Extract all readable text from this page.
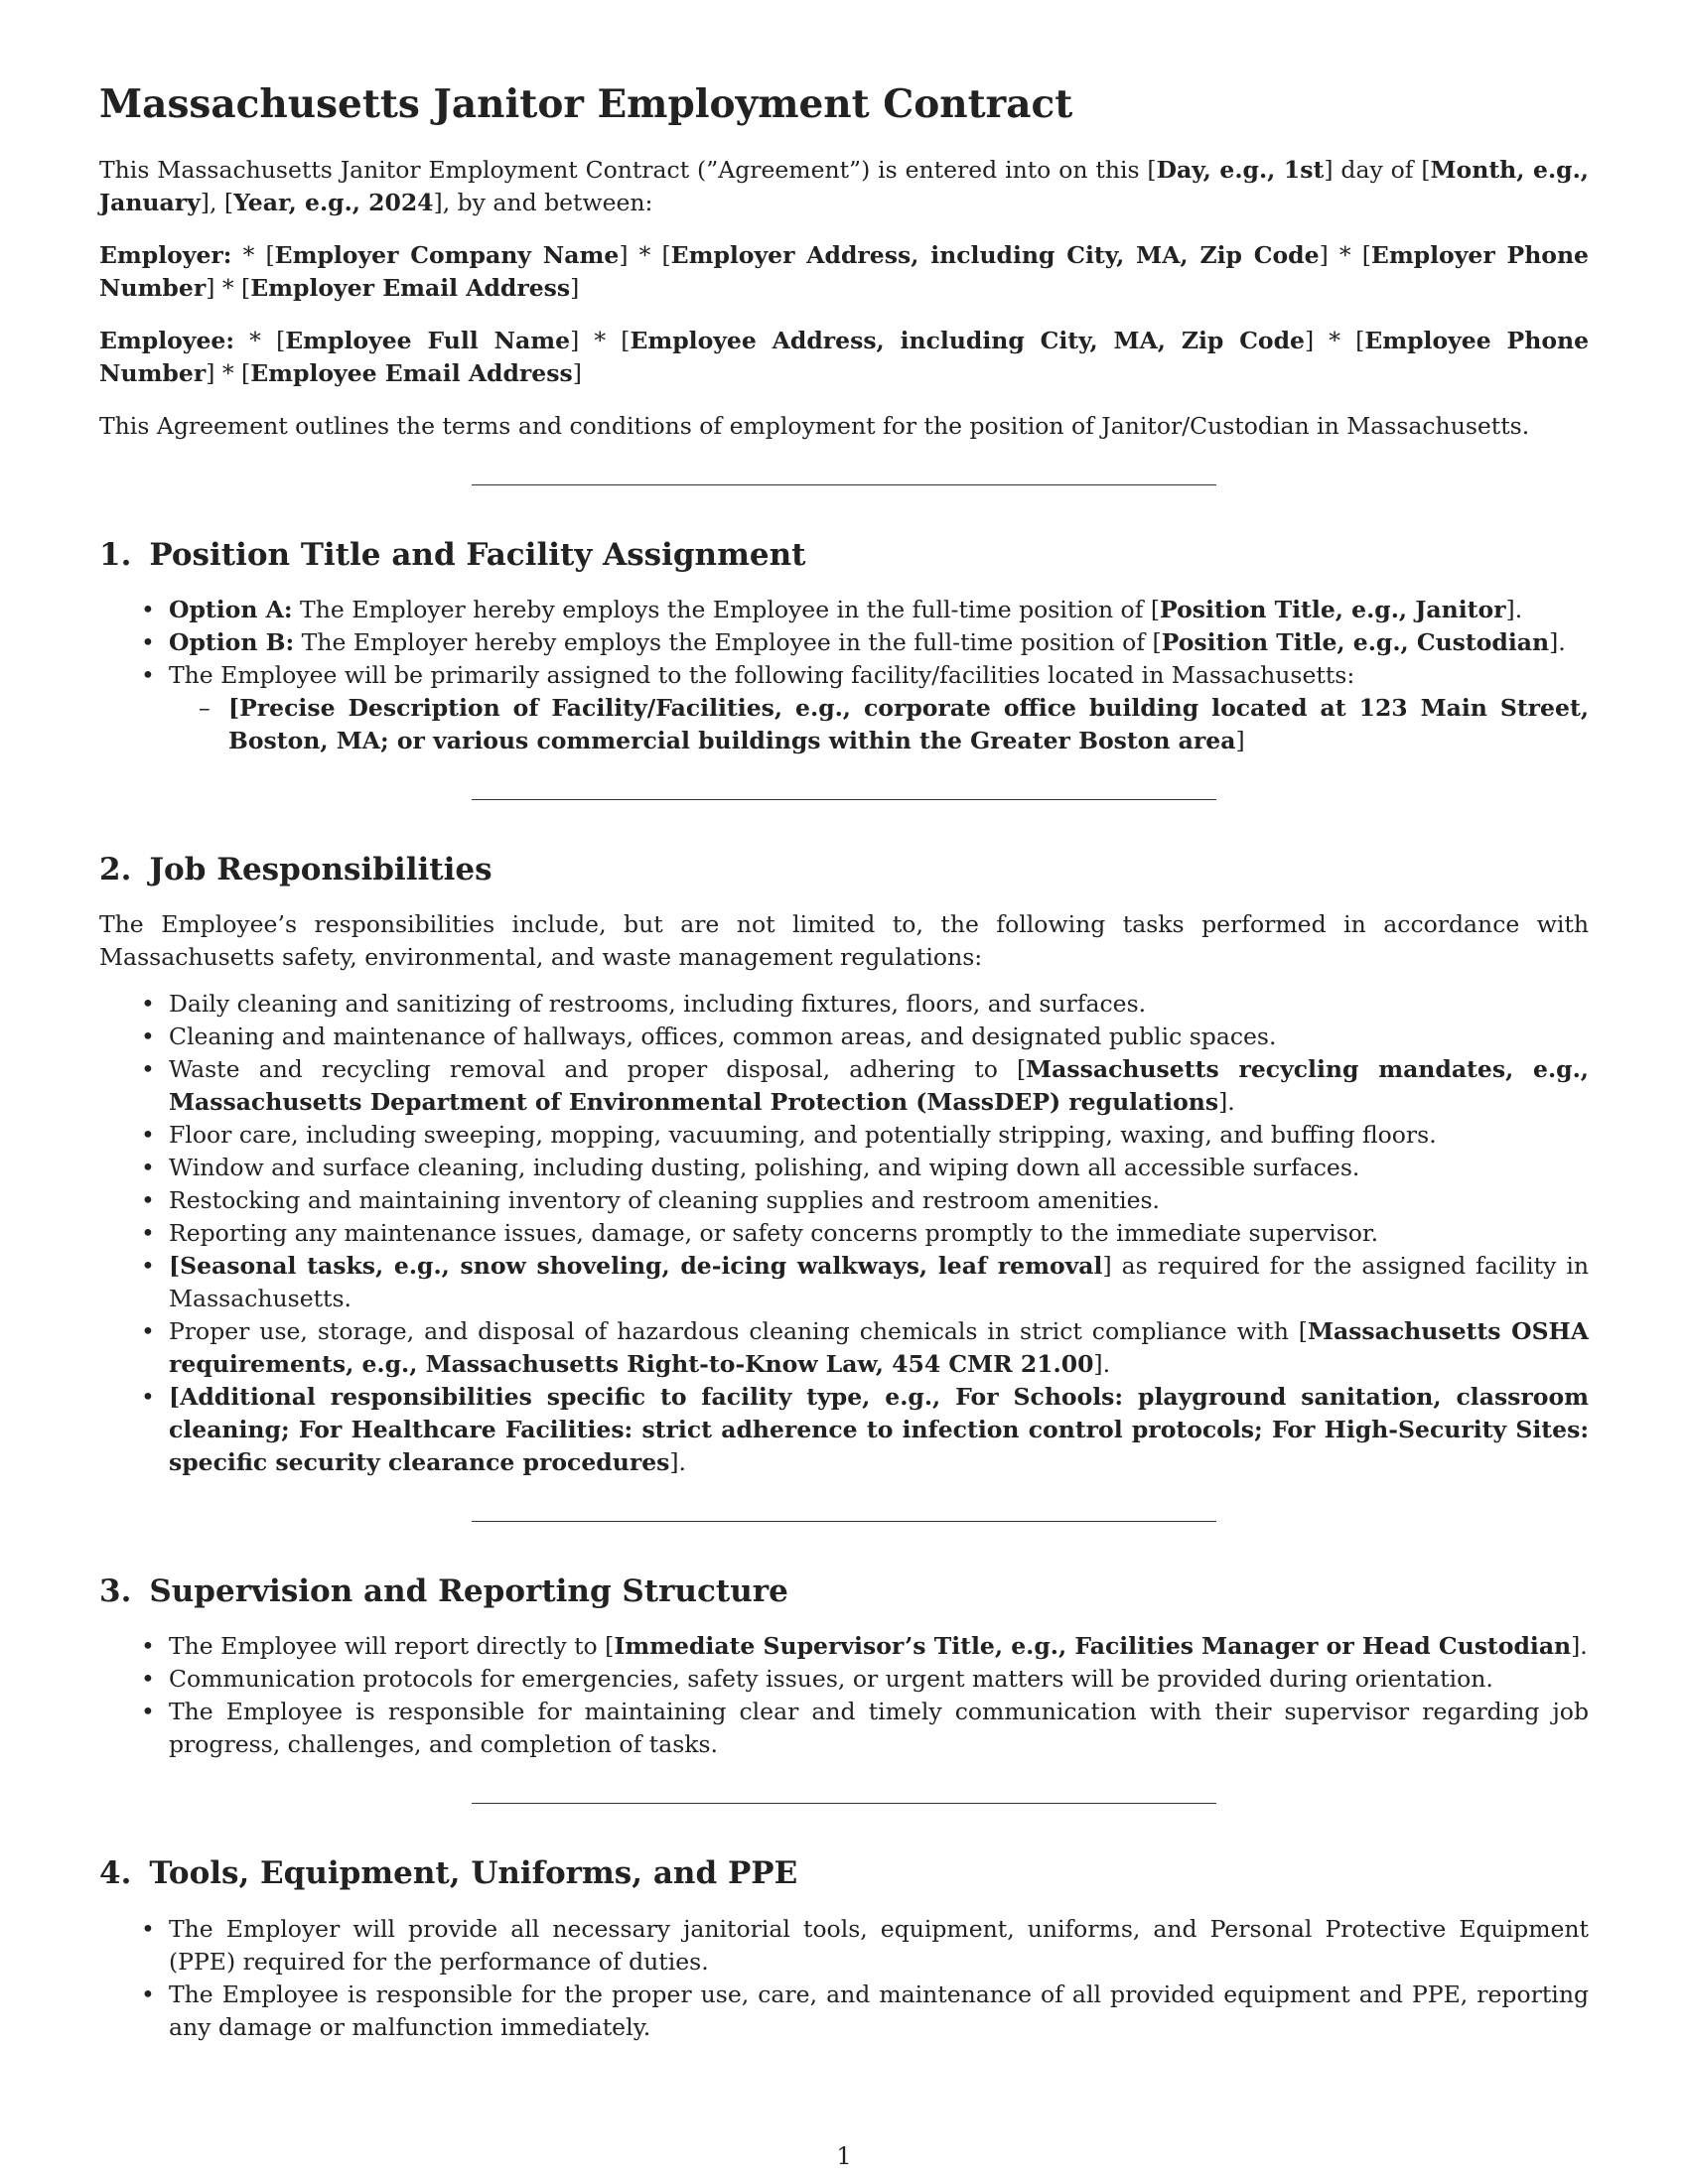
Massachusetts Janitor Employment Contract

This Massachusetts Janitor Employment Contract (”Agreement”) is entered into on this [Day, e.g., 1st] day of [Month, e.g., January], [Year, e.g., 2024], by and between:

Employer: * [Employer Company Name] * [Employer Address, including City, MA, Zip Code] * [Employer Phone Number] * [Employer Email Address]

Employee: * [Employee Full Name] * [Employee Address, including City, MA, Zip Code] * [Employee Phone Number] * [Employee Email Address]

This Agreement outlines the terms and conditions of employment for the position of Janitor/Custodian in Massachusetts.

1. Position Title and Facility Assignment
• Option A: The Employer hereby employs the Employee in the full-time position of [Position Title, e.g., Janitor].
• Option B: The Employer hereby employs the Employee in the full-time position of [Position Title, e.g., Custodian].
• The Employee will be primarily assigned to the following facility/facilities located in Massachusetts:
– [Precise Description of Facility/Facilities, e.g., corporate office building located at 123 Main Street, Boston, MA; or various commercial buildings within the Greater Boston area]
2. Job Responsibilities

The Employee’s responsibilities include, but are not limited to, the following tasks performed in accordance with Massachusetts safety, environmental, and waste management regulations:

• Daily cleaning and sanitizing of restrooms, including fixtures, floors, and surfaces.
• Cleaning and maintenance of hallways, offices, common areas, and designated public spaces.
• Waste and recycling removal and proper disposal, adhering to [Massachusetts recycling mandates, e.g., Massachusetts Department of Environmental Protection (MassDEP) regulations].
• Floor care, including sweeping, mopping, vacuuming, and potentially stripping, waxing, and buffing floors.
• Window and surface cleaning, including dusting, polishing, and wiping down all accessible surfaces.
• Restocking and maintaining inventory of cleaning supplies and restroom amenities.
• Reporting any maintenance issues, damage, or safety concerns promptly to the immediate supervisor.
• [Seasonal tasks, e.g., snow shoveling, de-icing walkways, leaf removal] as required for the assigned facility in Massachusetts.
• Proper use, storage, and disposal of hazardous cleaning chemicals in strict compliance with [Massachusetts OSHA requirements, e.g., Massachusetts Right-to-Know Law, 454 CMR 21.00].
• [Additional responsibilities specific to facility type, e.g., For Schools: playground sanitation, classroom cleaning; For Healthcare Facilities: strict adherence to infection control protocols; For High-Security Sites: specific security clearance procedures].
3. Supervision and Reporting Structure
• The Employee will report directly to [Immediate Supervisor’s Title, e.g., Facilities Manager or Head Custodian].
• Communication protocols for emergencies, safety issues, or urgent matters will be provided during orientation.
• The Employee is responsible for maintaining clear and timely communication with their supervisor regarding job progress, challenges, and completion of tasks.
4. Tools, Equipment, Uniforms, and PPE
• The Employer will provide all necessary janitorial tools, equipment, uniforms, and Personal Protective Equipment (PPE) required for the performance of duties.
• The Employee is responsible for the proper use, care, and maintenance of all provided equipment and PPE, reporting any damage or malfunction immediately.
1
